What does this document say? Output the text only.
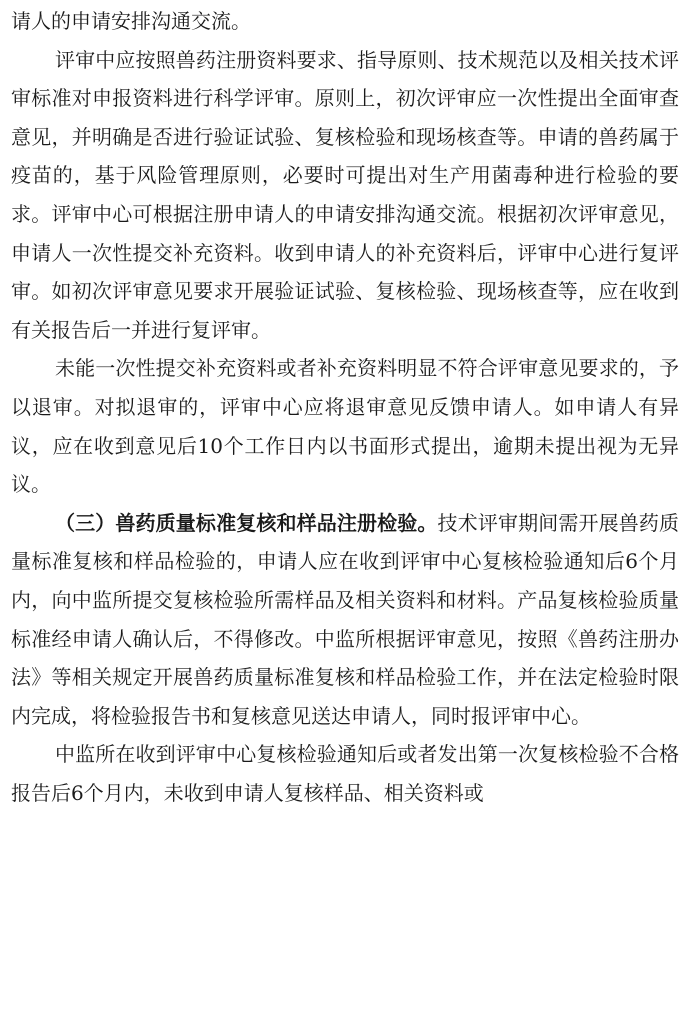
请人的申请安排沟通交流。

评审中应按照兽药注册资料要求、指导原则、技术规范以及相关技术评审标准对申报资料进行科学评审。原则上，初次评审应一次性提出全面审查意见，并明确是否进行验证试验、复核检验和现场核查等。申请的兽药属于疫苗的，基于风险管理原则，必要时可提出对生产用菌毒种进行检验的要求。评审中心可根据注册申请人的申请安排沟通交流。根据初次评审意见，申请人一次性提交补充资料。收到申请人的补充资料后，评审中心进行复评审。如初次评审意见要求开展验证试验、复核检验、现场核查等，应在收到有关报告后一并进行复评审。

未能一次性提交补充资料或者补充资料明显不符合评审意见要求的，予以退审。对拟退审的，评审中心应将退审意见反馈申请人。如申请人有异议，应在收到意见后10个工作日内以书面形式提出，逾期未提出视为无异议。

（三）兽药质量标准复核和样品注册检验。技术评审期间需开展兽药质量标准复核和样品检验的，申请人应在收到评审中心复核检验通知后6个月内，向中监所提交复核检验所需样品及相关资料和材料。产品复核检验质量标准经申请人确认后，不得修改。中监所根据评审意见，按照《兽药注册办法》等相关规定开展兽药质量标准复核和样品检验工作，并在法定检验时限内完成，将检验报告书和复核意见送达申请人，同时报评审中心。

中监所在收到评审中心复核检验通知后或者发出第一次复核检验不合格报告后6个月内，未收到申请人复核样品、相关资料或
